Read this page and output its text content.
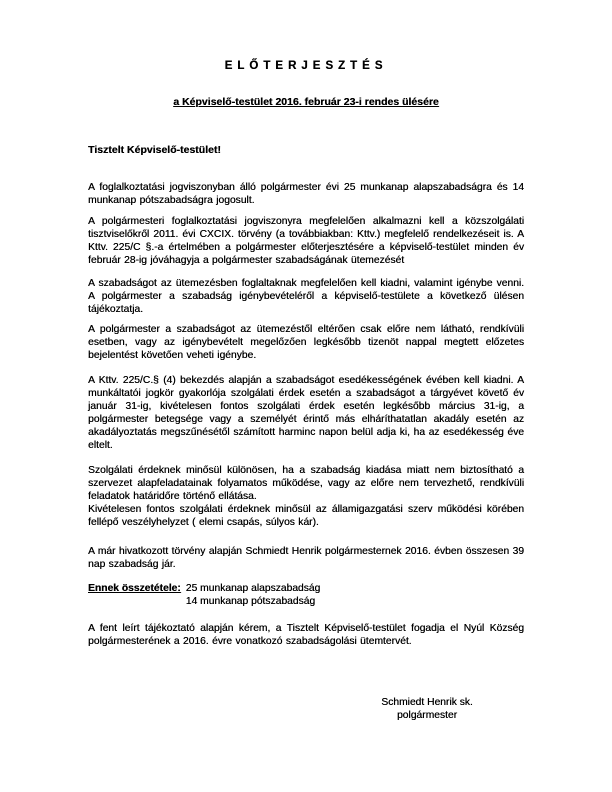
ELŐTERJESZTÉS
a Képviselő-testület 2016. február 23-i rendes ülésére
Tisztelt Képviselő-testület!

A foglalkoztatási jogviszonyban álló polgármester évi 25 munkanap alapszabadságra és 14 munkanap pótszabadságra jogosult.

A polgármesteri foglalkoztatási jogviszonyra megfelelően alkalmazni kell a közszolgálati tisztviselőkről 2011. évi CXCIX. törvény (a továbbiakban: Kttv.) megfelelő rendelkezéseit is. A Kttv. 225/C §.-a értelmében a polgármester előterjesztésére a képviselő-testület minden év február 28-ig jóváhagyja a polgármester szabadságának ütemezését

A szabadságot az ütemezésben foglaltaknak megfelelően kell kiadni, valamint igénybe venni. A polgármester a szabadság igénybevételéről a képviselő-testülete a következő ülésen tájékoztatja.

A polgármester a szabadságot az ütemezéstől eltérően csak előre nem látható, rendkívüli esetben, vagy az igénybevételt megelőzően legkésőbb tizenöt nappal megtett előzetes bejelentést követően veheti igénybe.

A Kttv. 225/C.§ (4) bekezdés alapján a szabadságot esedékességének évében kell kiadni. A munkáltatói jogkör gyakorlója szolgálati érdek esetén a szabadságot a tárgyévet követő év január 31-ig, kivételesen fontos szolgálati érdek esetén legkésőbb március 31-ig, a polgármester betegsége vagy a személyét érintő más elháríthatatlan akadály esetén az akadályoztatás megszűnésétől számított harminc napon belül adja ki, ha az esedékesség éve eltelt.

Szolgálati érdeknek minősül különösen, ha a szabadság kiadása miatt nem biztosítható a szervezet alapfeladatainak folyamatos működése, vagy az előre nem tervezhető, rendkívüli feladatok határidőre történő ellátása.

Kivételesen fontos szolgálati érdeknek minősül az államigazgatási szerv működési körében fellépő veszélyhelyzet ( elemi csapás, súlyos kár).

A már hivatkozott törvény alapján Schmiedt Henrik polgármesternek 2016. évben összesen 39 nap szabadság jár.

Ennek összetétele: 25 munkanap alapszabadság
14 munkanap pótszabadság

A fent leírt tájékoztató alapján kérem, a Tisztelt Képviselő-testület fogadja el Nyúl Község polgármesterének a 2016. évre vonatkozó szabadságolási ütemtervét.

Schmiedt Henrik sk.
polgármester
